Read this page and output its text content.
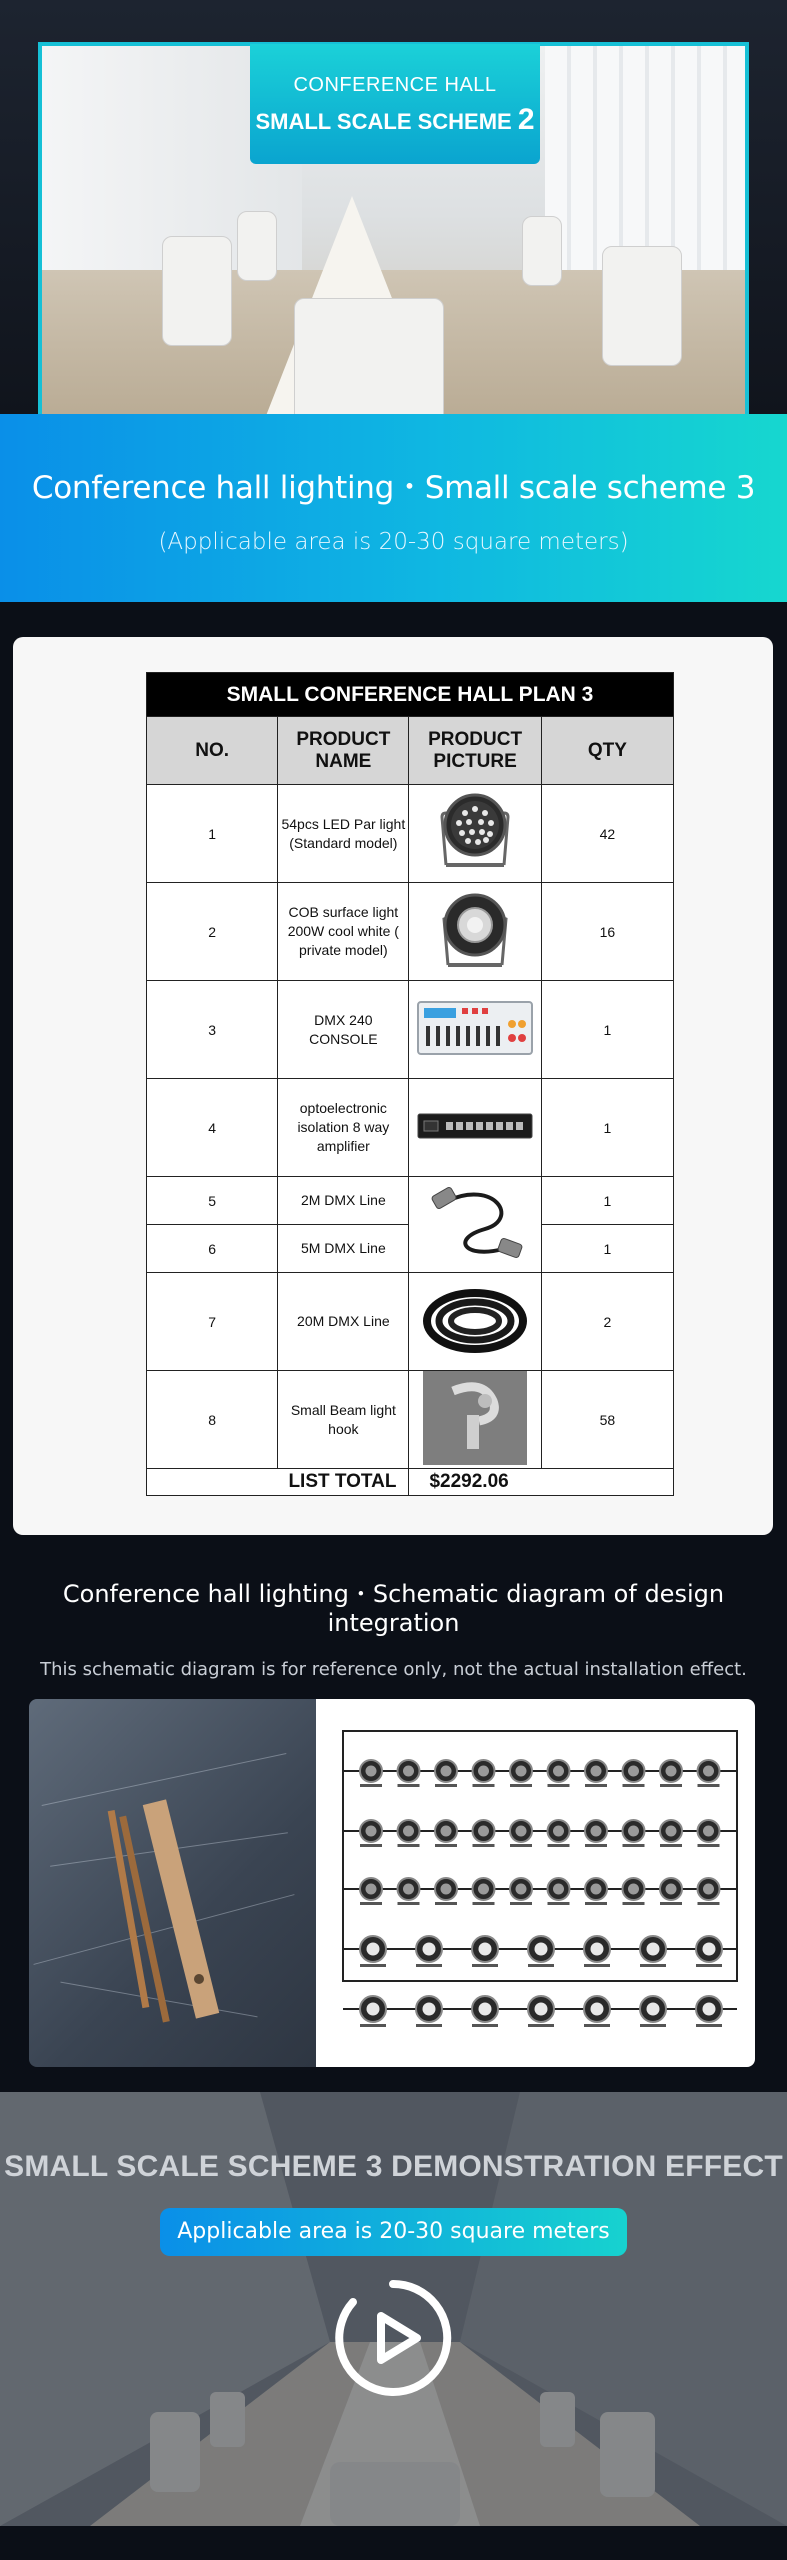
CONFERENCE HALL
SMALL SCALE SCHEME 2
Conference hall lighting・Small scale scheme 3

(Applicable area is 20-30 square meters)

SMALL CONFERENCE HALL PLAN 3			
NO.	PRODUCT NAME	PRODUCT PICTURE	QTY
1	54pcs LED Par light (Standard model)		42
2	COB surface light 200W cool white ( private model)		16
3	DMX 240 CONSOLE		1
4	optoelectronic isolation 8 way amplifier		1
5	2M DMX Line		1
6	5M DMX Line		1
7	20M DMX Line		2
8	Small Beam light hook		58
LIST TOTAL		$2292.06	
Conference hall lighting・Schematic diagram of design integration

This schematic diagram is for reference only, not the actual installation effect.

SMALL SCALE SCHEME 3 DEMONSTRATION EFFECT
Applicable area is 20-30 square meters
